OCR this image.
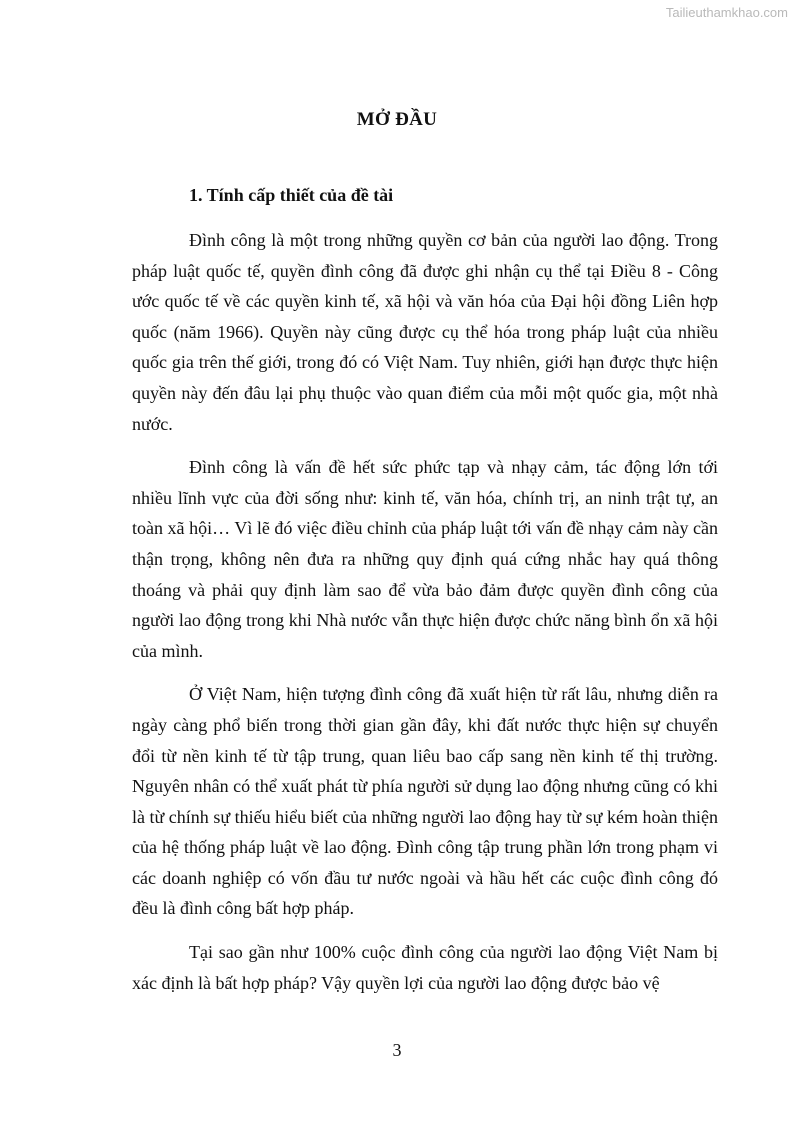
Tailieuthamkhao.com
MỞ ĐẦU
1. Tính cấp thiết của đề tài

Đình công là một trong những quyền cơ bản của người lao động. Trong pháp luật quốc tế, quyền đình công đã được ghi nhận cụ thể tại Điều 8 - Công ước quốc tế về các quyền kinh tế, xã hội và văn hóa của Đại hội đồng Liên hợp quốc (năm 1966). Quyền này cũng được cụ thể hóa trong pháp luật của nhiều quốc gia trên thế giới, trong đó có Việt Nam. Tuy nhiên, giới hạn được thực hiện quyền này đến đâu lại phụ thuộc vào quan điểm của mỗi một quốc gia, một nhà nước.

Đình công là vấn đề hết sức phức tạp và nhạy cảm, tác động lớn tới nhiều lĩnh vực của đời sống như: kinh tế, văn hóa, chính trị, an ninh trật tự, an toàn xã hội… Vì lẽ đó việc điều chỉnh của pháp luật tới vấn đề nhạy cảm này cần thận trọng, không nên đưa ra những quy định quá cứng nhắc hay quá thông thoáng và phải quy định làm sao để vừa bảo đảm được quyền đình công của người lao động trong khi Nhà nước vẫn thực hiện được chức năng bình ổn xã hội của mình.

Ở Việt Nam, hiện tượng đình công đã xuất hiện từ rất lâu, nhưng diễn ra ngày càng phổ biến trong thời gian gần đây, khi đất nước thực hiện sự chuyển đổi từ nền kinh tế từ tập trung, quan liêu bao cấp sang nền kinh tế thị trường. Nguyên nhân có thể xuất phát từ phía người sử dụng lao động nhưng cũng có khi là từ chính sự thiếu hiểu biết của những người lao động hay từ sự kém hoàn thiện của hệ thống pháp luật về lao động. Đình công tập trung phần lớn trong phạm vi các doanh nghiệp có vốn đầu tư nước ngoài và hầu hết các cuộc đình công đó đều là đình công bất hợp pháp.

Tại sao gần như 100% cuộc đình công của người lao động Việt Nam bị xác định là bất hợp pháp? Vậy quyền lợi của người lao động được bảo vệ

3
